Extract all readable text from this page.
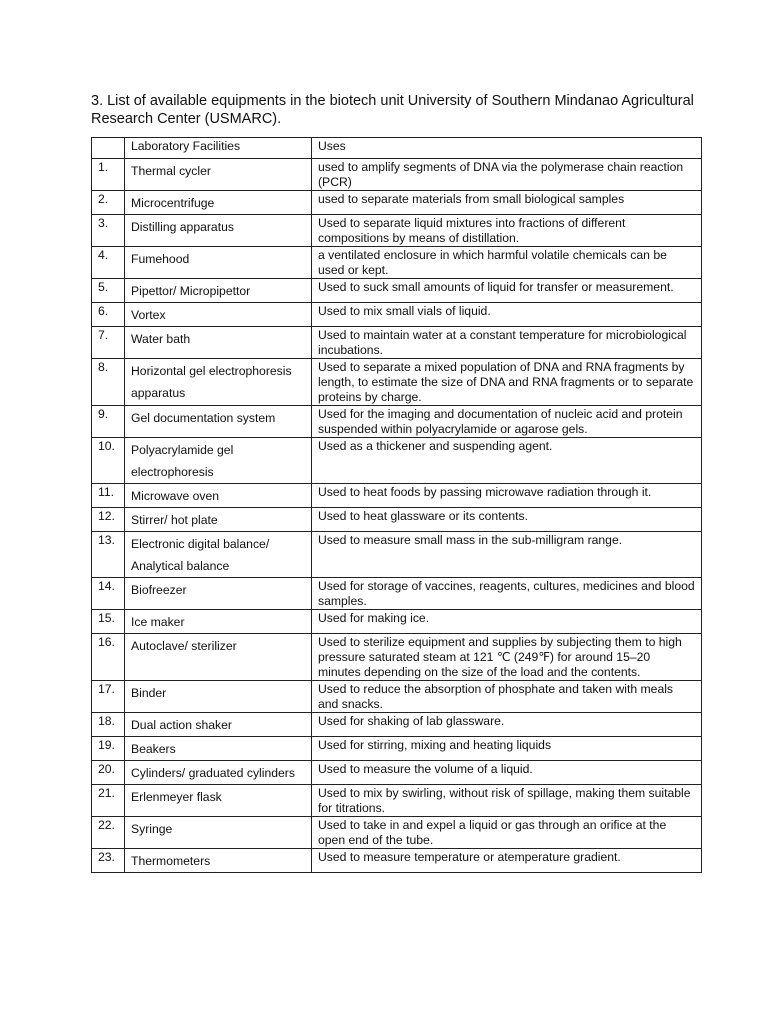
3. List of available equipments in the biotech unit University of Southern Mindanao Agricultural Research Center (USMARC).
	Laboratory Facilities	Uses
1.	Thermal cycler	used to amplify segments of DNA via the polymerase chain reaction (PCR)
2.	Microcentrifuge	used to separate materials from small biological samples
3.	Distilling apparatus	Used to separate liquid mixtures into fractions of different compositions by means of distillation.
4.	Fumehood	a ventilated enclosure in which harmful volatile chemicals can be used or kept.
5.	Pipettor/ Micropipettor	Used to suck small amounts of liquid for transfer or measurement.
6.	Vortex	Used to mix small vials of liquid.
7.	Water bath	Used to maintain water at a constant temperature for microbiological incubations.
8.	Horizontal gel electrophoresis apparatus	Used to separate a mixed population of DNA and RNA fragments by length, to estimate the size of DNA and RNA fragments or to separate proteins by charge.
9.	Gel documentation system	Used for the imaging and documentation of nucleic acid and protein suspended within polyacrylamide or agarose gels.
10.	Polyacrylamide gel electrophoresis	Used as a thickener and suspending agent.
11.	Microwave oven	Used to heat foods by passing microwave radiation through it.
12.	Stirrer/ hot plate	Used to heat glassware or its contents.
13.	Electronic digital balance/ Analytical balance	Used to measure small mass in the sub-milligram range.
14.	Biofreezer	Used for storage of vaccines, reagents, cultures, medicines and blood samples.
15.	Ice maker	Used for making ice.
16.	Autoclave/ sterilizer	Used to sterilize equipment and supplies by subjecting them to high pressure saturated steam at 121 ℃ (249℉) for around 15–20 minutes depending on the size of the load and the contents.
17.	Binder	Used to reduce the absorption of phosphate and taken with meals and snacks.
18.	Dual action shaker	Used for shaking of lab glassware.
19.	Beakers	Used for stirring, mixing and heating liquids
20.	Cylinders/ graduated cylinders	Used to measure the volume of a liquid.
21.	Erlenmeyer flask	Used to mix by swirling, without risk of spillage, making them suitable for titrations.
22.	Syringe	Used to take in and expel a liquid or gas through an orifice at the open end of the tube.
23.	Thermometers	Used to measure temperature or atemperature gradient.
